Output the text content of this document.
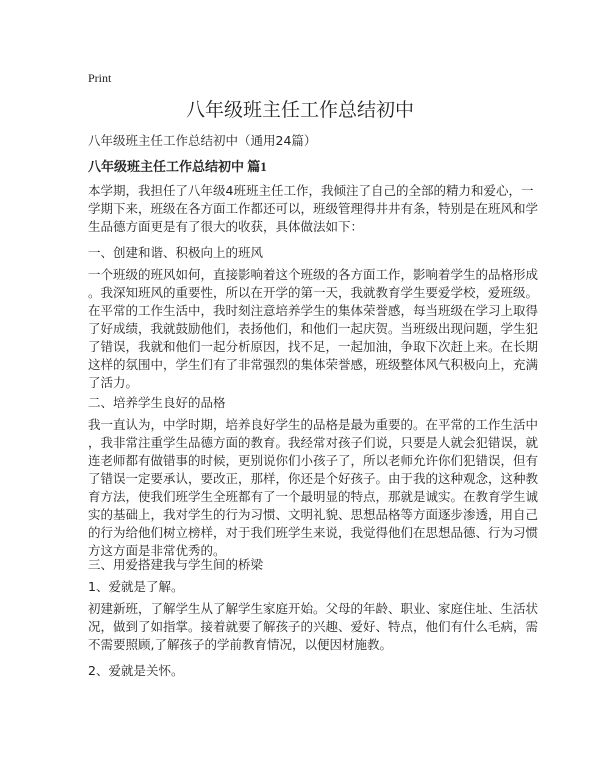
Print
八年级班主任工作总结初中
八年级班主任工作总结初中（通用24篇）
八年级班主任工作总结初中 篇1
本学期，我担任了八年级4班班主任工作，我倾注了自己的全部的精力和爱心，一
学期下来，班级在各方面工作都还可以，班级管理得井井有条，特别是在班风和学
生品德方面更是有了很大的收获，具体做法如下：
一、创建和谐、积极向上的班风
一个班级的班风如何，直接影响着这个班级的各方面工作，影响着学生的品格形成
。我深知班风的重要性，所以在开学的第一天，我就教育学生要爱学校，爱班级。
在平常的工作生活中，我时刻注意培养学生的集体荣誉感，每当班级在学习上取得
了好成绩，我就鼓励他们，表扬他们，和他们一起庆贺。当班级出现问题，学生犯
了错误，我就和他们一起分析原因，找不足，一起加油，争取下次赶上来。在长期
这样的氛围中，学生们有了非常强烈的集体荣誉感，班级整体风气积极向上，充满
了活力。
二、培养学生良好的品格
我一直认为，中学时期，培养良好学生的品格是最为重要的。在平常的工作生活中
，我非常注重学生品德方面的教育。我经常对孩子们说，只要是人就会犯错误，就
连老师都有做错事的时候，更别说你们小孩子了，所以老师允许你们犯错误，但有
了错误一定要承认，要改正，那样，你还是个好孩子。由于我的这种观念，这种教
育方法，使我们班学生全班都有了一个最明显的特点，那就是诚实。在教育学生诚
实的基础上，我对学生的行为习惯、文明礼貌、思想品格等方面逐步渗透，用自己
的行为给他们树立榜样，对于我们班学生来说，我觉得他们在思想品德、行为习惯
方这方面是非常优秀的。
三、用爱搭建我与学生间的桥梁
1、爱就是了解。
初建新班，了解学生从了解学生家庭开始。父母的年龄、职业、家庭住址、生活状
况，做到了如指掌。接着就要了解孩子的兴趣、爱好、特点，他们有什么毛病，需
不需要照顾,了解孩子的学前教育情况，以便因材施教。
2、爱就是关怀。
